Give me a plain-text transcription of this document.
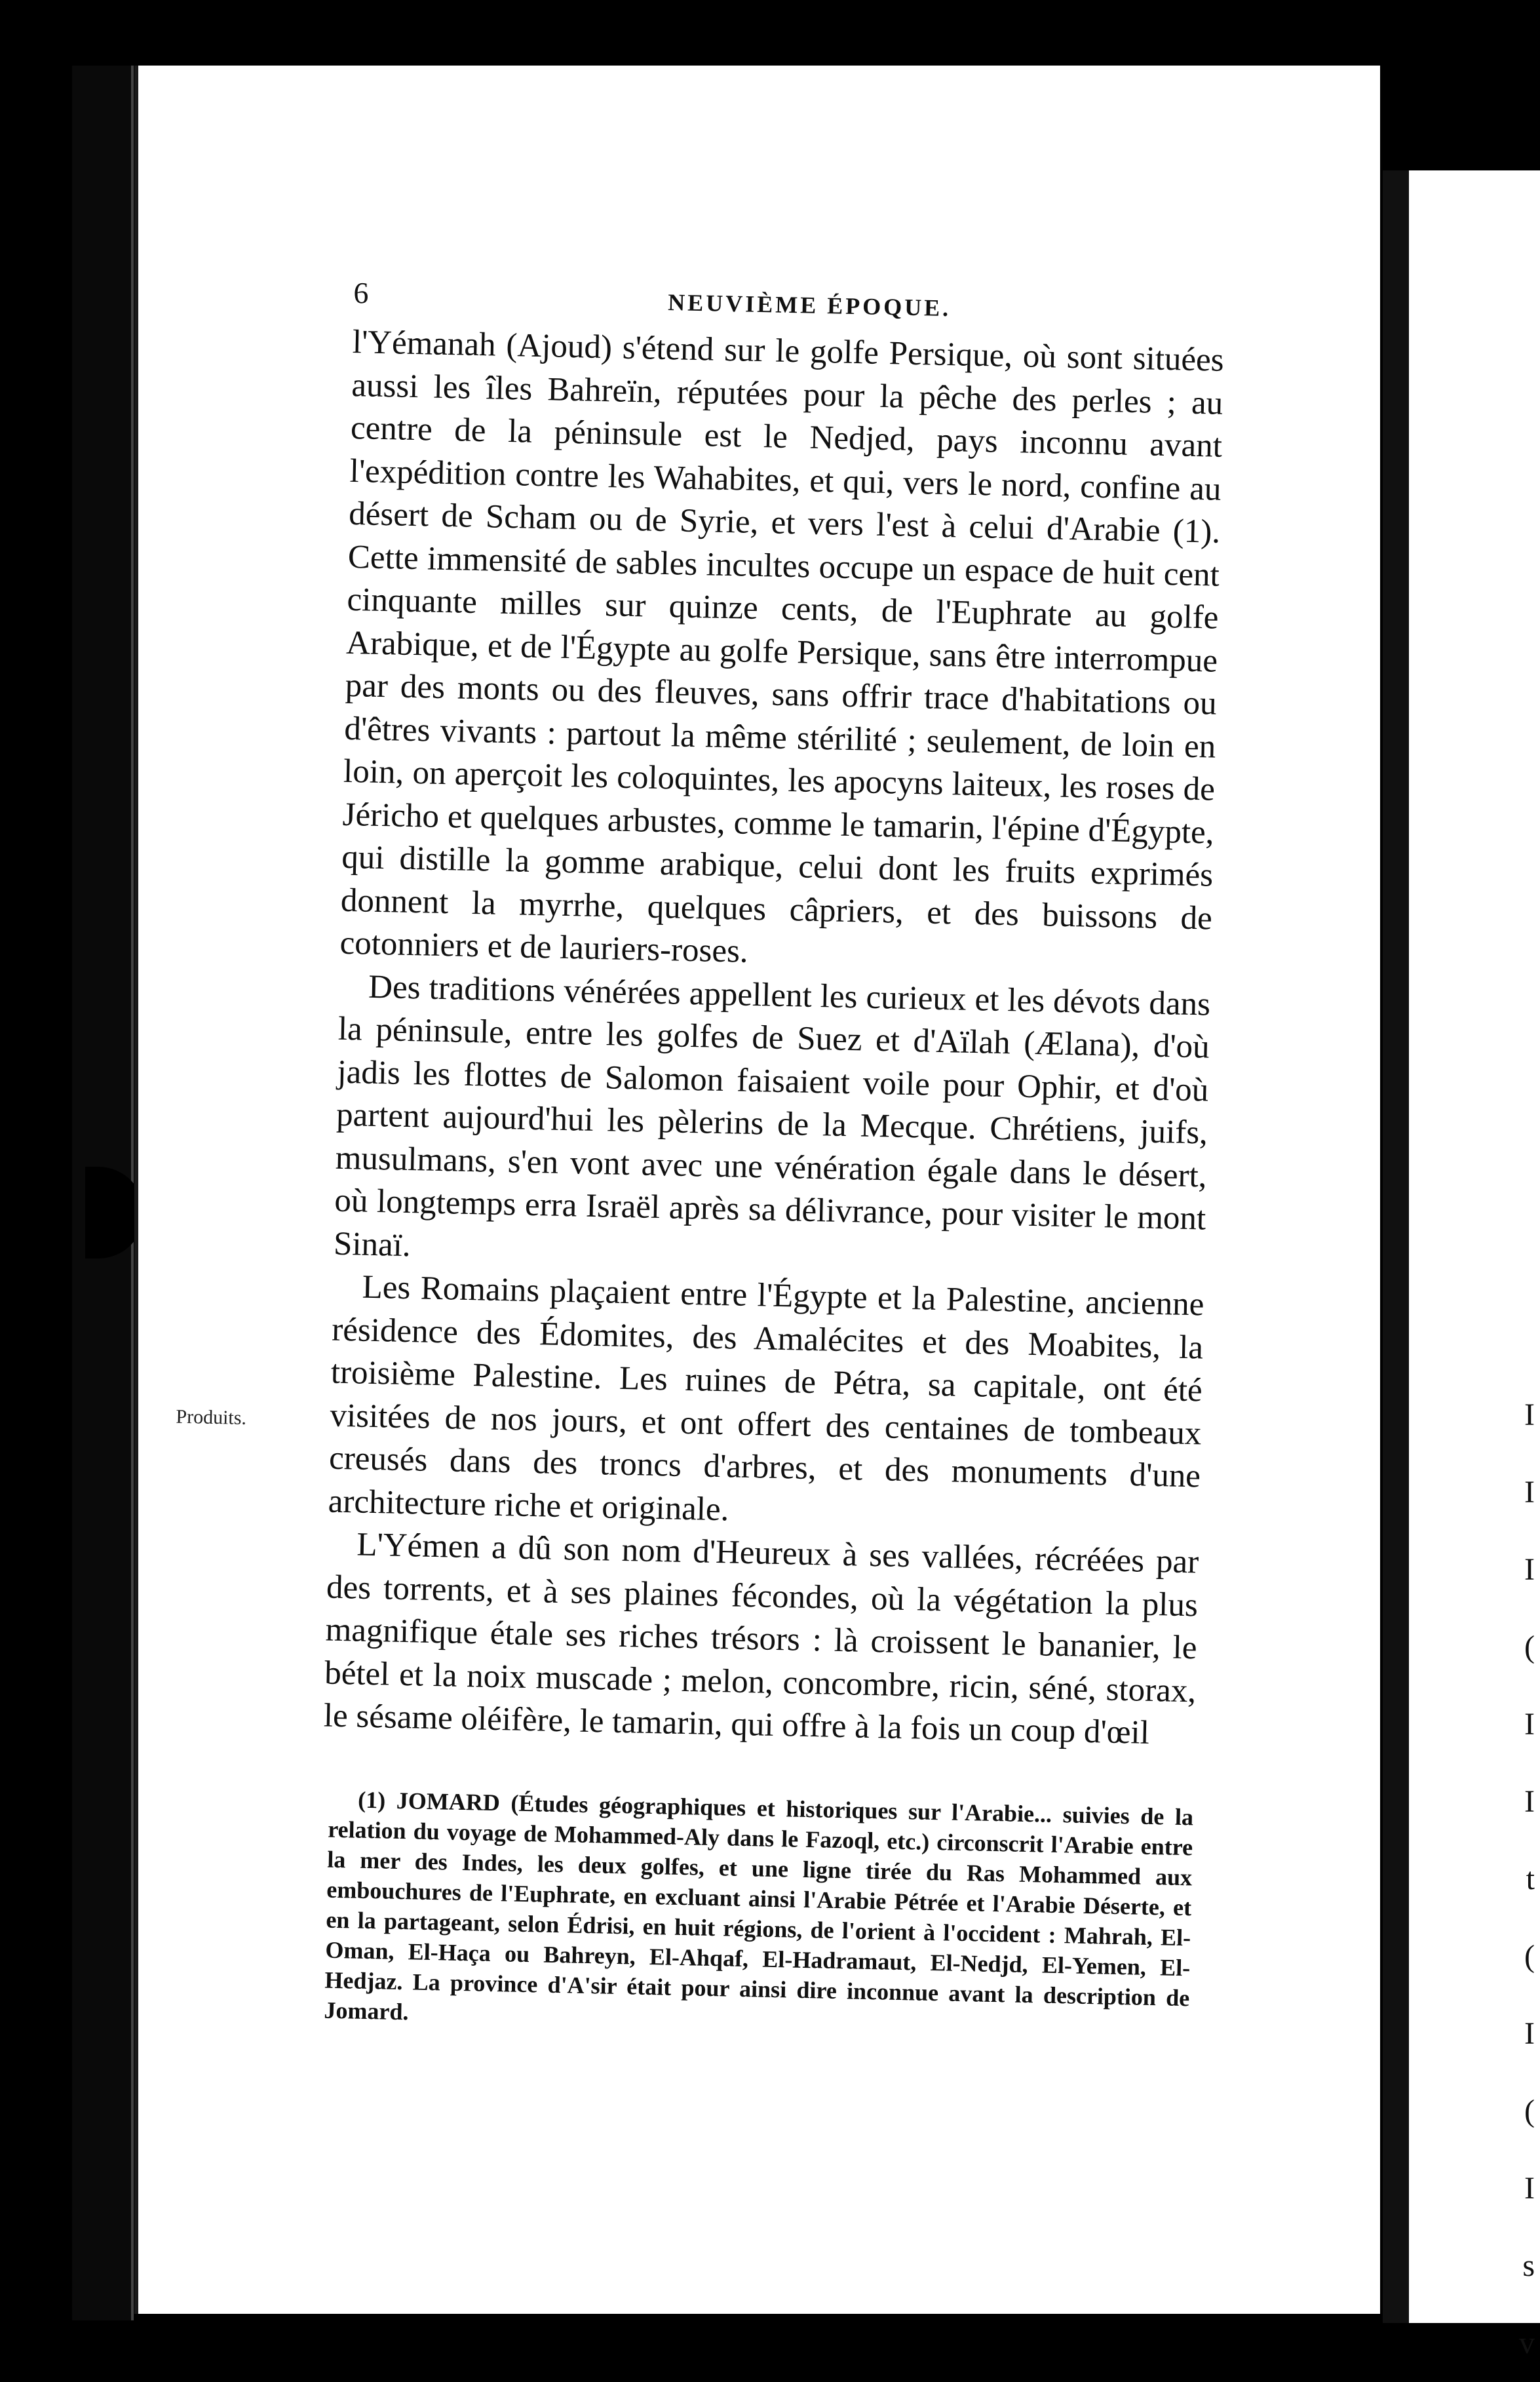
I
I
I
(
I
I
t
(
I
(
I
s
v
6	NEUVIÈME ÉPOQUE.
Produits.

l'Yémanah (Ajoud) s'étend sur le golfe Persique, où sont situées aussi les îles Bahreïn, réputées pour la pêche des perles ; au centre de la péninsule est le Nedjed, pays inconnu avant l'expédition contre les Wahabites, et qui, vers le nord, confine au désert de Scham ou de Syrie, et vers l'est à celui d'Arabie (1). Cette immensité de sables incultes occupe un espace de huit cent cinquante milles sur quinze cents, de l'Euphrate au golfe Arabique, et de l'Égypte au golfe Persique, sans être interrompue par des monts ou des fleuves, sans offrir trace d'habitations ou d'êtres vivants : partout la même stérilité ; seulement, de loin en loin, on aperçoit les coloquintes, les apocyns laiteux, les roses de Jéricho et quelques arbustes, comme le tamarin, l'épine d'Égypte, qui distille la gomme arabique, celui dont les fruits exprimés donnent la myrrhe, quelques câpriers, et des buissons de cotonniers et de lauriers-roses.

Des traditions vénérées appellent les curieux et les dévots dans la péninsule, entre les golfes de Suez et d'Aïlah (Ælana), d'où jadis les flottes de Salomon faisaient voile pour Ophir, et d'où partent aujourd'hui les pèlerins de la Mecque. Chrétiens, juifs, musulmans, s'en vont avec une vénération égale dans le désert, où longtemps erra Israël après sa délivrance, pour visiter le mont Sinaï.

Les Romains plaçaient entre l'Égypte et la Palestine, ancienne résidence des Édomites, des Amalécites et des Moabites, la troisième Palestine. Les ruines de Pétra, sa capitale, ont été visitées de nos jours, et ont offert des centaines de tombeaux creusés dans des troncs d'arbres, et des monuments d'une architecture riche et originale.

L'Yémen a dû son nom d'Heureux à ses vallées, récréées par des torrents, et à ses plaines fécondes, où la végétation la plus magnifique étale ses riches trésors : là croissent le bananier, le bétel et la noix muscade ; melon, concombre, ricin, séné, storax, le sésame oléifère, le tamarin, qui offre à la fois un coup d'œil

(1) JOMARD (Études géographiques et historiques sur l'Arabie... suivies de la relation du voyage de Mohammed-Aly dans le Fazoql, etc.) circonscrit l'Arabie entre la mer des Indes, les deux golfes, et une ligne tirée du Ras Mohammed aux embouchures de l'Euphrate, en excluant ainsi l'Arabie Pétrée et l'Arabie Déserte, et en la partageant, selon Édrisi, en huit régions, de l'orient à l'occident : Mahrah, El-Oman, El-Haça ou Bahreyn, El-Ahqaf, El-Hadramaut, El-Nedjd, El-Yemen, El-Hedjaz. La province d'A'sir était pour ainsi dire inconnue avant la description de Jomard.
